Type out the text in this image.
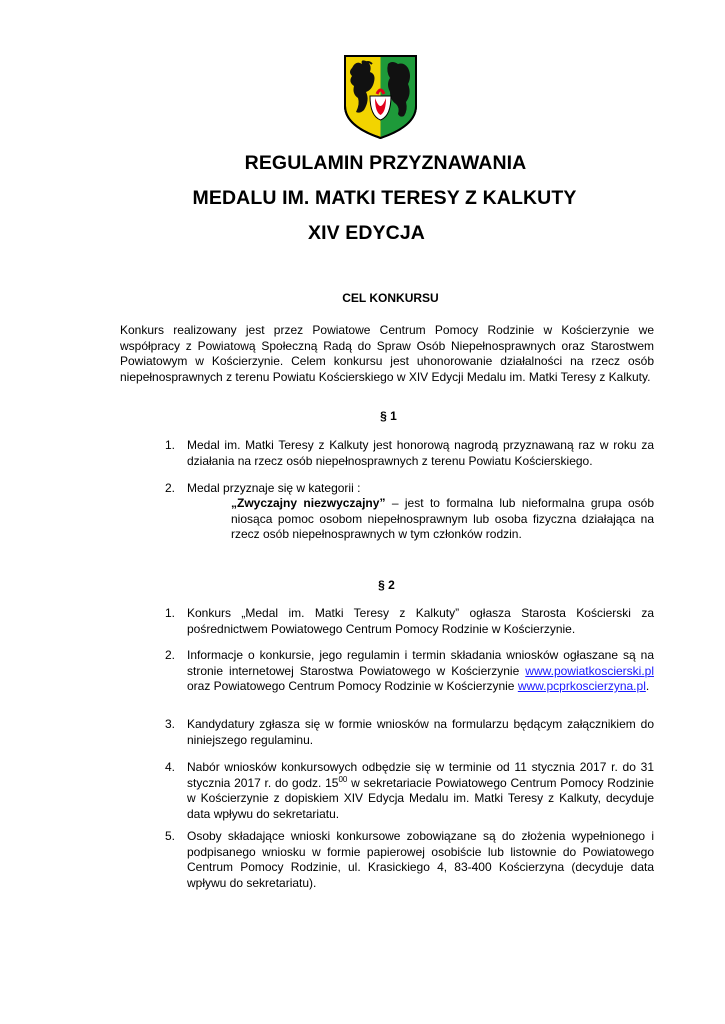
REGULAMIN PRZYZNAWANIA
MEDALU IM. MATKI TERESY Z KALKUTY
XIV EDYCJA
CEL KONKURSU
Konkurs realizowany jest przez Powiatowe Centrum Pomocy Rodzinie w Kościerzynie we współpracy z Powiatową Społeczną Radą do Spraw Osób Niepełnosprawnych oraz Starostwem Powiatowym w Kościerzynie. Celem konkursu jest uhonorowanie działalności na rzecz osób niepełnosprawnych z terenu Powiatu Kościerskiego w XIV Edycji Medalu im. Matki Teresy z Kalkuty.
§ 1
1. Medal im. Matki Teresy z Kalkuty jest honorową nagrodą przyznawaną raz w roku za działania na rzecz osób niepełnosprawnych z terenu Powiatu Kościerskiego.
2. Medal przyznaje się w kategorii :
„Zwyczajny niezwyczajny” – jest to formalna lub nieformalna grupa osób niosąca pomoc osobom niepełnosprawnym lub osoba fizyczna działająca na rzecz osób niepełnosprawnych w tym członków rodzin.
§ 2
1. Konkurs „Medal im. Matki Teresy z Kalkuty” ogłasza Starosta Kościerski za pośrednictwem Powiatowego Centrum Pomocy Rodzinie w Kościerzynie.
2. Informacje o konkursie, jego regulamin i termin składania wniosków ogłaszane są na stronie internetowej Starostwa Powiatowego w Kościerzynie www.powiatkoscierski.pl oraz Powiatowego Centrum Pomocy Rodzinie w Kościerzynie www.pcprkoscierzyna.pl.
3. Kandydatury zgłasza się w formie wniosków na formularzu będącym załącznikiem do niniejszego regulaminu.
4. Nabór wniosków konkursowych odbędzie się w terminie od 11 stycznia 2017 r. do 31 stycznia 2017 r. do godz. $15^{00}$ w sekretariacie Powiatowego Centrum Pomocy Rodzinie w Kościerzynie z dopiskiem XIV Edycja Medalu im. Matki Teresy z Kalkuty, decyduje data wpływu do sekretariatu.
5. Osoby składające wnioski konkursowe zobowiązane są do złożenia wypełnionego i podpisanego wniosku w formie papierowej osobiście lub listownie do Powiatowego Centrum Pomocy Rodzinie, ul. Krasickiego 4, 83-400 Kościerzyna (decyduje data wpływu do sekretariatu).
